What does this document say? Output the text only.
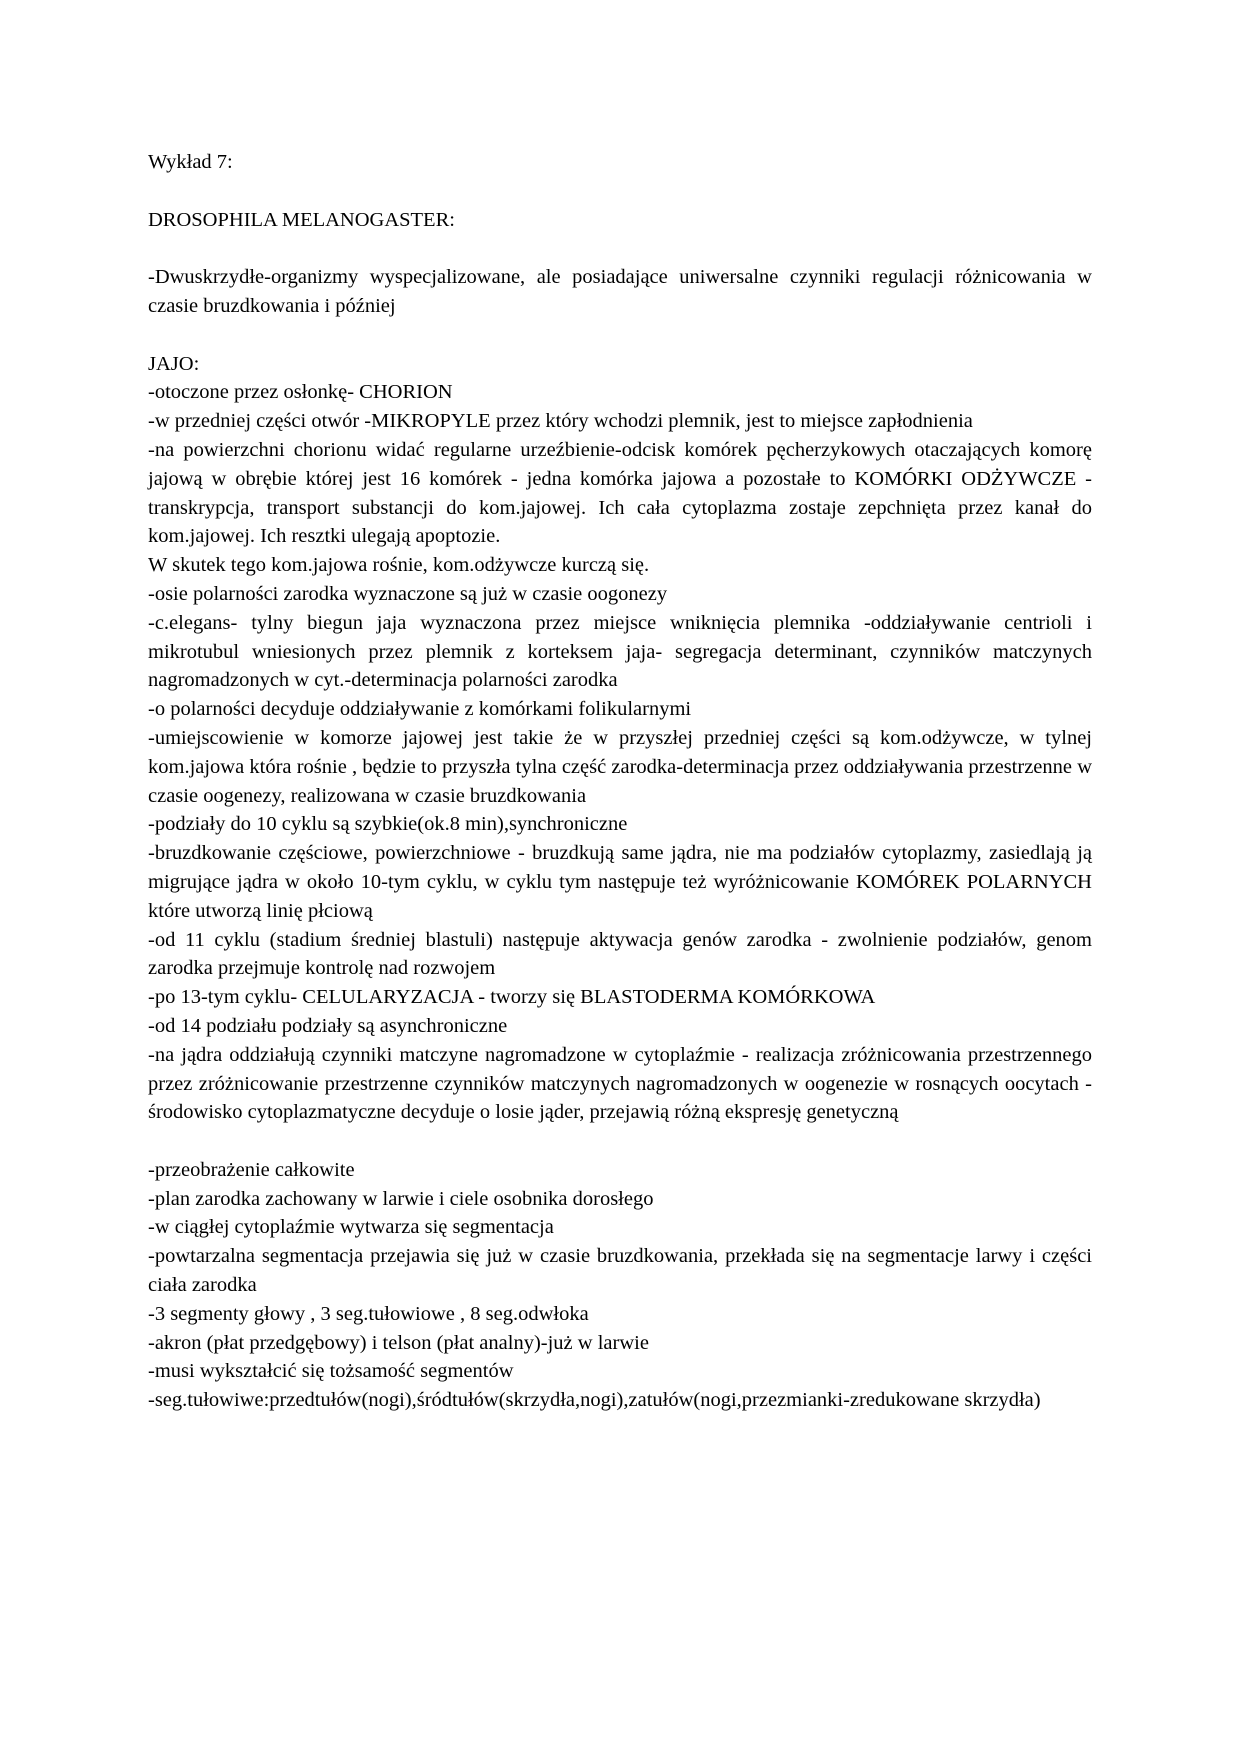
Wykład 7:

DROSOPHILA MELANOGASTER:

-Dwuskrzydłe-organizmy wyspecjalizowane, ale posiadające uniwersalne czynniki regulacji różnicowania w czasie bruzdkowania i później

JAJO:

-otoczone przez osłonkę- CHORION

-w przedniej części otwór -MIKROPYLE przez który wchodzi plemnik, jest to miejsce zapłodnienia

-na powierzchni chorionu widać regularne urzeźbienie-odcisk komórek pęcherzykowych otaczających komorę jajową w obrębie której jest 16 komórek - jedna komórka jajowa a pozostałe to KOMÓRKI ODŻYWCZE - transkrypcja, transport substancji do kom.jajowej. Ich cała cytoplazma zostaje zepchnięta przez kanał do kom.jajowej. Ich resztki ulegają apoptozie.

W skutek tego kom.jajowa rośnie, kom.odżywcze kurczą się.

-osie polarności zarodka wyznaczone są już w czasie oogonezy

-c.elegans- tylny biegun jaja wyznaczona przez miejsce wniknięcia plemnika -oddziaływanie centrioli i mikrotubul wniesionych przez plemnik z korteksem jaja- segregacja determinant, czynników matczynych nagromadzonych w cyt.-determinacja polarności zarodka

-o polarności decyduje oddziaływanie z komórkami folikularnymi

-umiejscowienie w komorze jajowej jest takie że w przyszłej przedniej części są kom.odżywcze, w tylnej kom.jajowa która rośnie , będzie to przyszła tylna część zarodka-determinacja przez oddziaływania przestrzenne w czasie oogenezy, realizowana w czasie bruzdkowania

-podziały do 10 cyklu są szybkie(ok.8 min),synchroniczne

-bruzdkowanie częściowe, powierzchniowe - bruzdkują same jądra, nie ma podziałów cytoplazmy, zasiedlają ją migrujące jądra w około 10-tym cyklu, w cyklu tym następuje też wyróżnicowanie KOMÓREK POLARNYCH które utworzą linię płciową

-od 11 cyklu (stadium średniej blastuli) następuje aktywacja genów zarodka - zwolnienie podziałów, genom zarodka przejmuje kontrolę nad rozwojem

-po 13-tym cyklu- CELULARYZACJA - tworzy się BLASTODERMA KOMÓRKOWA

-od 14 podziału podziały są asynchroniczne

-na jądra oddziałują czynniki matczyne nagromadzone w cytoplaźmie - realizacja zróżnicowania przestrzennego przez zróżnicowanie przestrzenne czynników matczynych nagromadzonych w oogenezie w rosnących oocytach - środowisko cytoplazmatyczne decyduje o losie jąder, przejawią różną ekspresję genetyczną

-przeobrażenie całkowite

-plan zarodka zachowany w larwie i ciele osobnika dorosłego

-w ciągłej cytoplaźmie wytwarza się segmentacja

-powtarzalna segmentacja przejawia się już w czasie bruzdkowania, przekłada się na segmentacje larwy i części ciała zarodka

-3 segmenty głowy , 3 seg.tułowiowe , 8 seg.odwłoka

-akron (płat przedgębowy) i telson (płat analny)-już w larwie

-musi wykształcić się tożsamość segmentów

-seg.tułowiwe:przedtułów(nogi),śródtułów(skrzydła,nogi),zatułów(nogi,przezmianki-zredukowane skrzydła)
